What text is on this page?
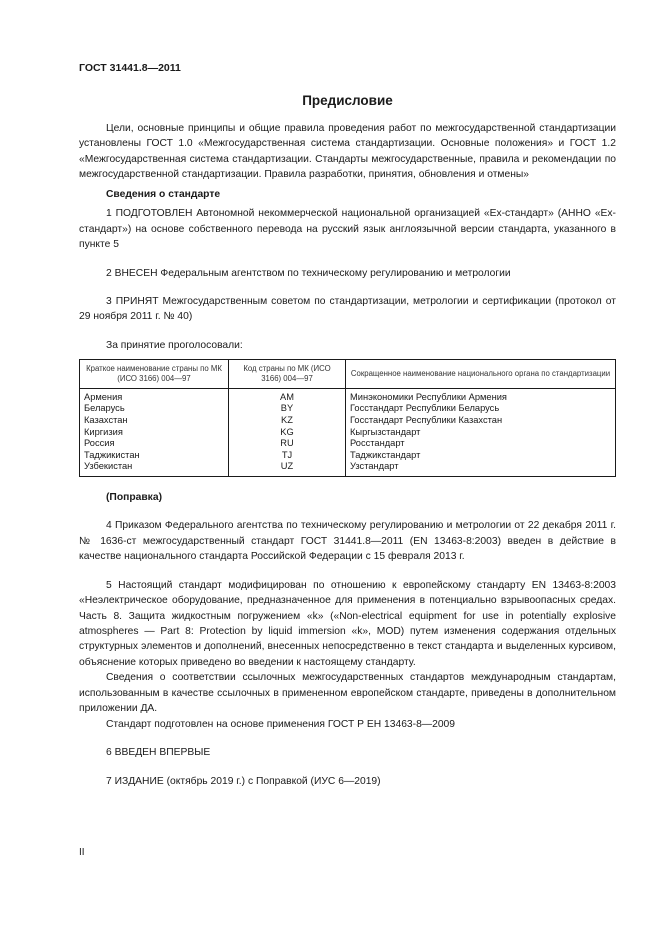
ГОСТ 31441.8—2011
Предисловие

Цели, основные принципы и общие правила проведения работ по межгосударственной стандартизации установлены ГОСТ 1.0 «Межгосударственная система стандартизации. Основные положения» и ГОСТ 1.2 «Межгосударственная система стандартизации. Стандарты межгосударственные, правила и рекомендации по межгосударственной стандартизации. Правила разработки, принятия, обновления и отмены»

Сведения о стандарте

1 ПОДГОТОВЛЕН Автономной некоммерческой национальной организацией «Ех-стандарт» (АННО «Ех-стандарт») на основе собственного перевода на русский язык англоязычной версии стандарта, указанного в пункте 5

2 ВНЕСЕН Федеральным агентством по техническому регулированию и метрологии

3 ПРИНЯТ Межгосударственным советом по стандартизации, метрологии и сертификации (протокол от 29 ноября 2011 г. № 40)

За принятие проголосовали:

Краткое наименование страны по МК (ИСО 3166) 004—97	Код страны по МК (ИСО 3166) 004—97	Сокращенное наименование национального органа по стандартизации
Армения	AM	Минэкономики Республики Армения
Беларусь	BY	Госстандарт Республики Беларусь
Казахстан	KZ	Госстандарт Республики Казахстан
Киргизия	KG	Кыргызстандарт
Россия	RU	Росстандарт
Таджикистан	TJ	Таджикстандарт
Узбекистан	UZ	Узстандарт

(Поправка)

4 Приказом Федерального агентства по техническому регулированию и метрологии от 22 декабря 2011 г. № 1636-ст межгосударственный стандарт ГОСТ 31441.8—2011 (EN 13463-8:2003) введен в действие в качестве национального стандарта Российской Федерации с 15 февраля 2013 г.

5 Настоящий стандарт модифицирован по отношению к европейскому стандарту EN 13463-8:2003 «Неэлектрическое оборудование, предназначенное для применения в потенциально взрывоопасных средах. Часть 8. Защита жидкостным погружением «k» («Non-electrical equipment for use in potentially explosive atmospheres — Part 8: Protection by liquid immersion «k», MOD) путем изменения содержания отдельных структурных элементов и дополнений, внесенных непосредственно в текст стандарта и выделенных курсивом, объяснение которых приведено во введении к настоящему стандарту.

Сведения о соответствии ссылочных межгосударственных стандартов международным стандартам, использованным в качестве ссылочных в примененном европейском стандарте, приведены в дополнительном приложении ДА.

Стандарт подготовлен на основе применения ГОСТ Р ЕН 13463-8—2009

6 ВВЕДЕН ВПЕРВЫЕ

7 ИЗДАНИЕ (октябрь 2019 г.) с Поправкой (ИУС 6—2019)

II
